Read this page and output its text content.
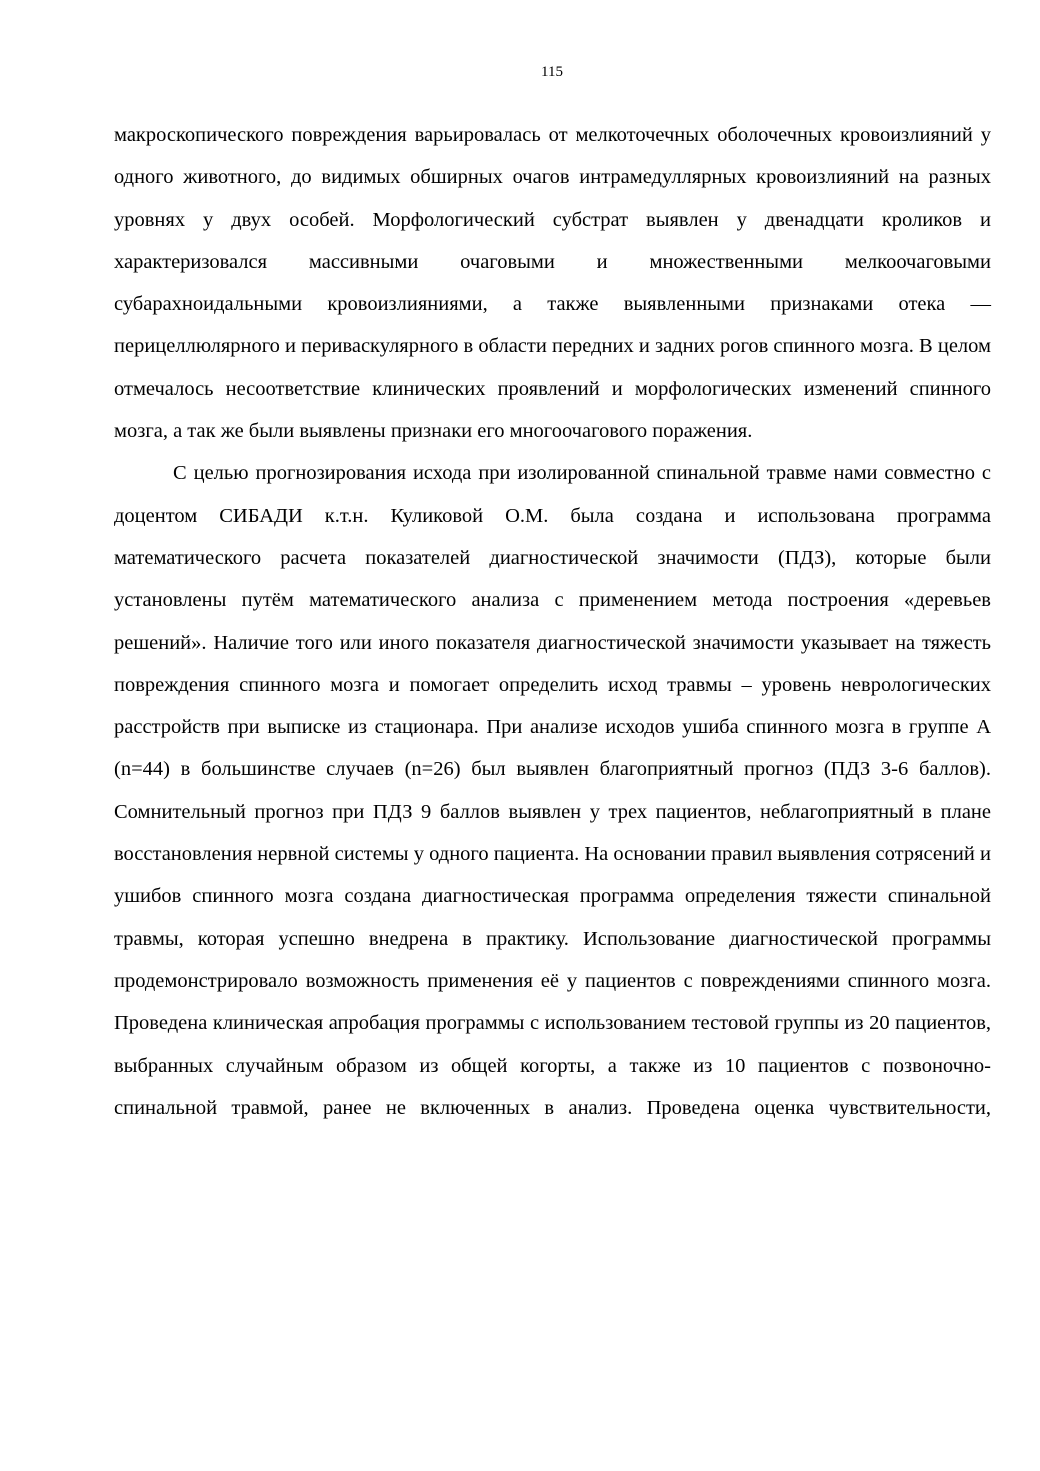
115

макроскопического повреждения варьировалась от мелкоточечных оболочечных кровоизлияний у одного животного, до видимых обширных очагов интрамедуллярных кровоизлияний на разных уровнях у двух особей. Морфологический субстрат выявлен у двенадцати кроликов и характеризовался массивными очаговыми и множественными мелкоочаговыми субарахноидальными кровоизлияниями, а также выявленными признаками отека — перицеллюлярного и периваскулярного в области передних и задних рогов спинного мозга. В целом отмечалось несоответствие клинических проявлений и морфологических изменений спинного мозга, а так же были выявлены признаки его многоочагового поражения.

С целью прогнозирования исхода при изолированной спинальной травме нами совместно с доцентом СИБАДИ к.т.н. Куликовой О.М. была создана и использована программа математического расчета показателей диагностической значимости (ПДЗ), которые были установлены путём математического анализа с применением метода построения «деревьев решений». Наличие того или иного показателя диагностической значимости указывает на тяжесть повреждения спинного мозга и помогает определить исход травмы – уровень неврологических расстройств при выписке из стационара. При анализе исходов ушиба спинного мозга в группе А (n=44) в большинстве случаев (n=26) был выявлен благоприятный прогноз (ПДЗ 3-6 баллов). Сомнительный прогноз при ПДЗ 9 баллов выявлен у трех пациентов, неблагоприятный в плане восстановления нервной системы у одного пациента. На основании правил выявления сотрясений и ушибов спинного мозга создана диагностическая программа определения тяжести спинальной травмы, которая успешно внедрена в практику. Использование диагностической программы продемонстрировало возможность применения её у пациентов с повреждениями спинного мозга. Проведена клиническая апробация программы с использованием тестовой группы из 20 пациентов, выбранных случайным образом из общей когорты, а также из 10 пациентов с позвоночно-спинальной травмой, ранее не включенных в анализ. Проведена оценка чувствительности,
